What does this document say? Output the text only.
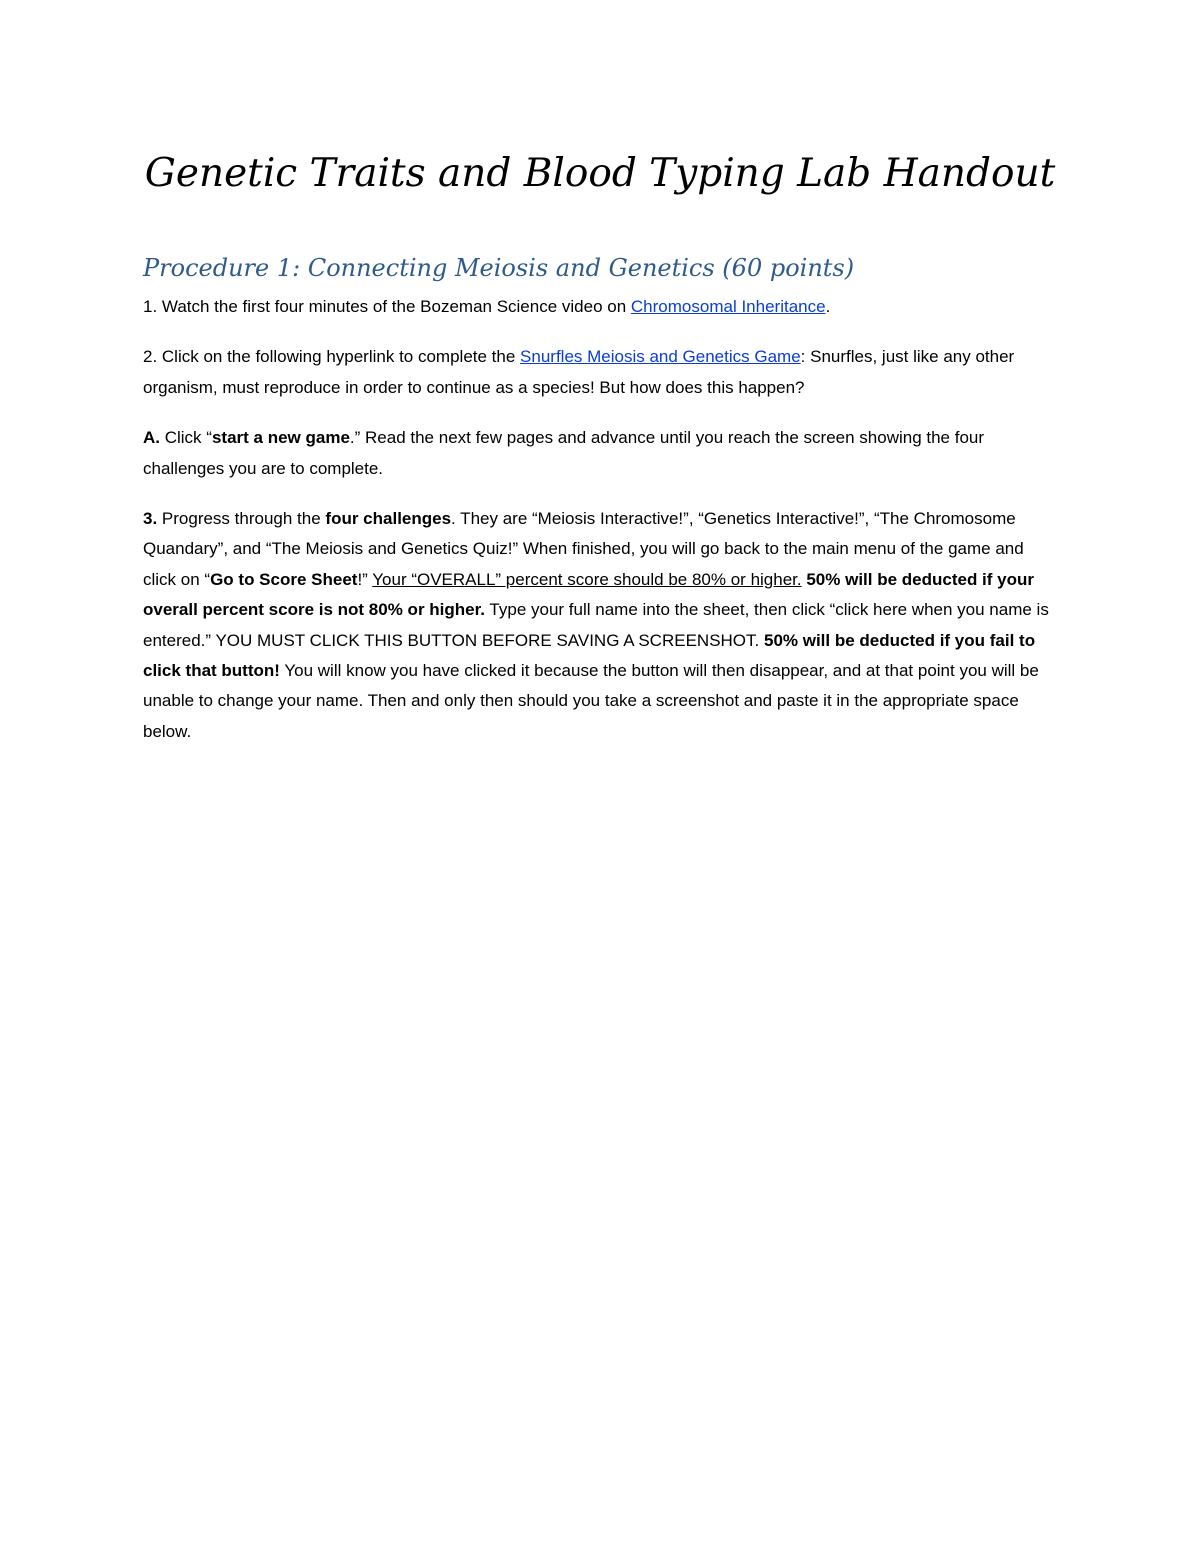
Genetic Traits and Blood Typing Lab Handout
Procedure 1: Connecting Meiosis and Genetics (60 points)

1. Watch the first four minutes of the Bozeman Science video on Chromosomal Inheritance.

2. Click on the following hyperlink to complete the Snurfles Meiosis and Genetics Game: Snurfles, just like any other organism, must reproduce in order to continue as a species! But how does this happen?

A. Click “start a new game.” Read the next few pages and advance until you reach the screen showing the four challenges you are to complete.

3. Progress through the four challenges. They are “Meiosis Interactive!”, “Genetics Interactive!”, “The Chromosome Quandary”, and “The Meiosis and Genetics Quiz!” When finished, you will go back to the main menu of the game and click on “Go to Score Sheet!” Your “OVERALL” percent score should be 80% or higher. 50% will be deducted if your overall percent score is not 80% or higher. Type your full name into the sheet, then click “click here when you name is entered.” YOU MUST CLICK THIS BUTTON BEFORE SAVING A SCREENSHOT. 50% will be deducted if you fail to click that button! You will know you have clicked it because the button will then disappear, and at that point you will be unable to change your name. Then and only then should you take a screenshot and paste it in the appropriate space below.
